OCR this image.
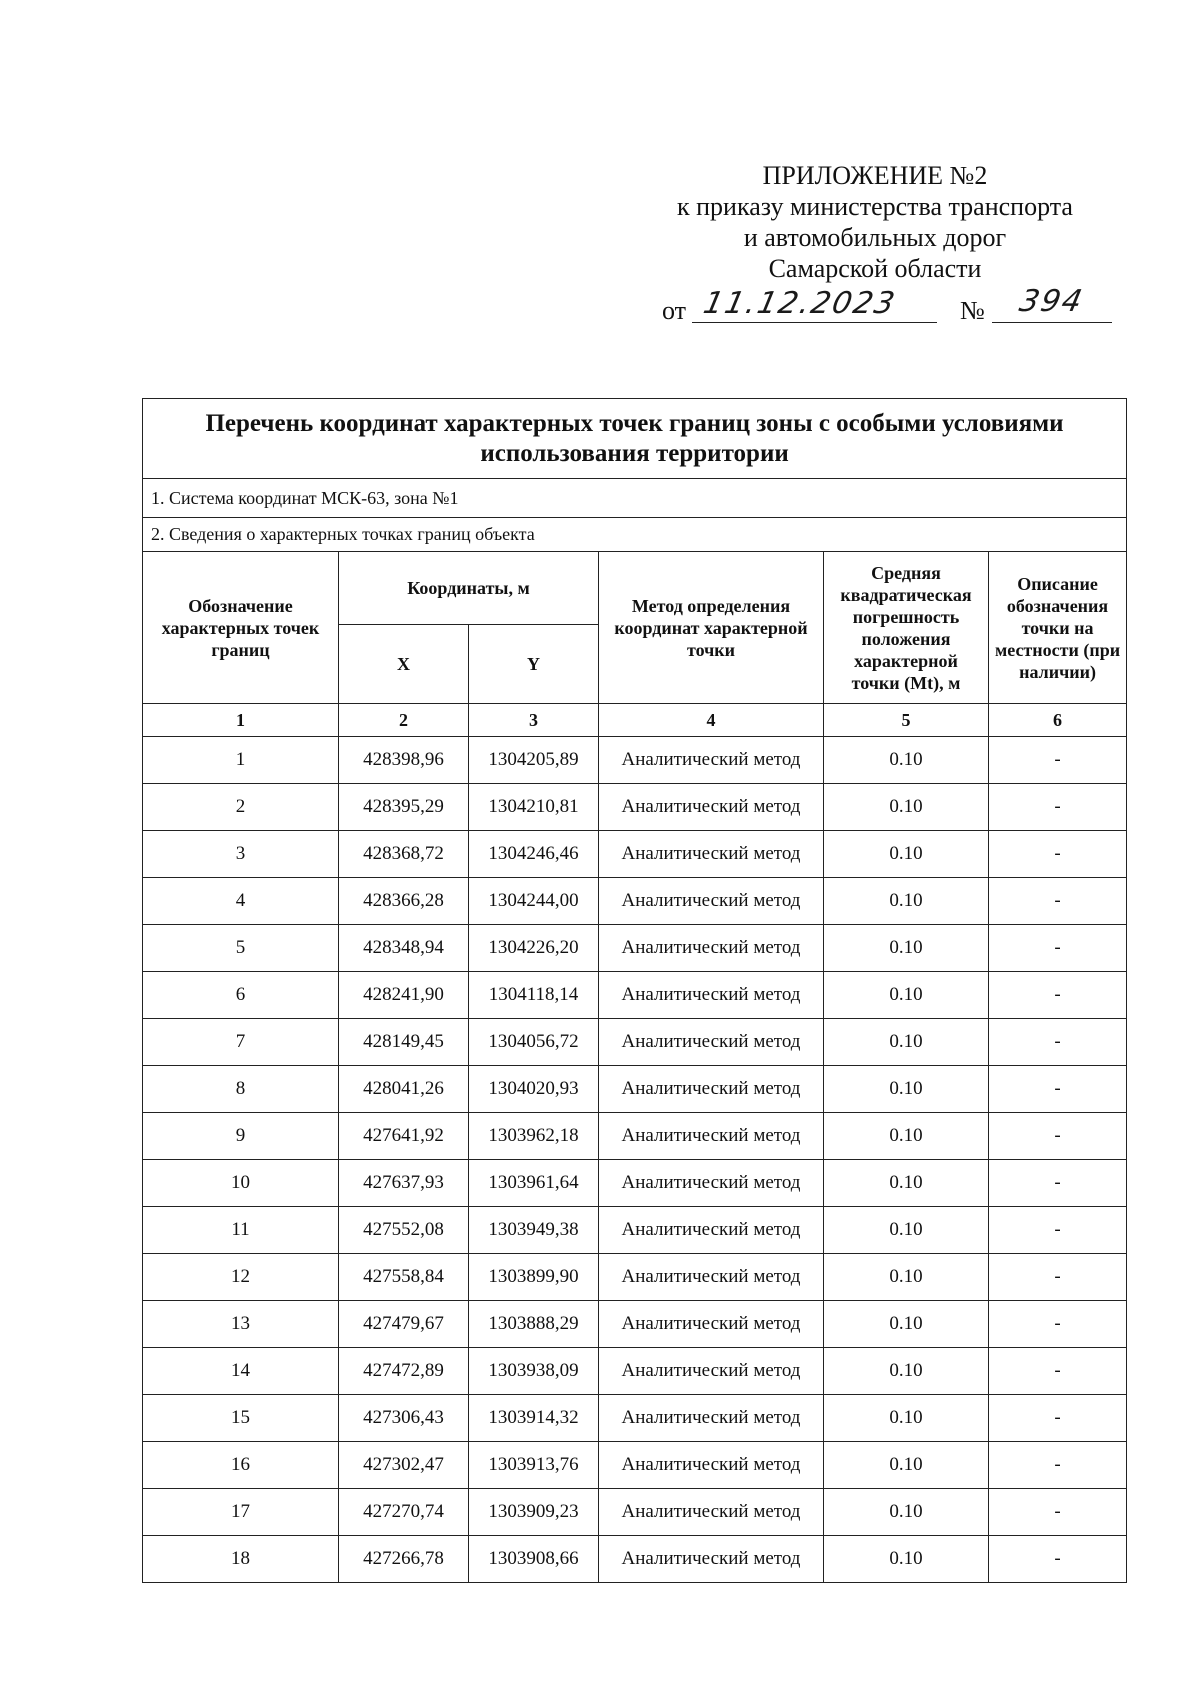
ПРИЛОЖЕНИЕ №2
к приказу министерства транспорта
и автомобильных дорог
Самарской области
от 11.12.2023 № 394
Перечень координат характерных точек границ зоны с особыми условиями использования территории					
1. Система координат МСК-63, зона №1					
2. Сведения о характерных точках границ объекта					
Обозначение характерных точек границ	Координаты, м		Метод определения координат характерной точки	Средняя квадратическая погрешность положения характерной точки (Mt), м	Описание обозначения точки на местности (при наличии)
	X	Y			
1	2	3	4	5	6
1	428398,96	1304205,89	Аналитический метод	0.10	-
2	428395,29	1304210,81	Аналитический метод	0.10	-
3	428368,72	1304246,46	Аналитический метод	0.10	-
4	428366,28	1304244,00	Аналитический метод	0.10	-
5	428348,94	1304226,20	Аналитический метод	0.10	-
6	428241,90	1304118,14	Аналитический метод	0.10	-
7	428149,45	1304056,72	Аналитический метод	0.10	-
8	428041,26	1304020,93	Аналитический метод	0.10	-
9	427641,92	1303962,18	Аналитический метод	0.10	-
10	427637,93	1303961,64	Аналитический метод	0.10	-
11	427552,08	1303949,38	Аналитический метод	0.10	-
12	427558,84	1303899,90	Аналитический метод	0.10	-
13	427479,67	1303888,29	Аналитический метод	0.10	-
14	427472,89	1303938,09	Аналитический метод	0.10	-
15	427306,43	1303914,32	Аналитический метод	0.10	-
16	427302,47	1303913,76	Аналитический метод	0.10	-
17	427270,74	1303909,23	Аналитический метод	0.10	-
18	427266,78	1303908,66	Аналитический метод	0.10	-
